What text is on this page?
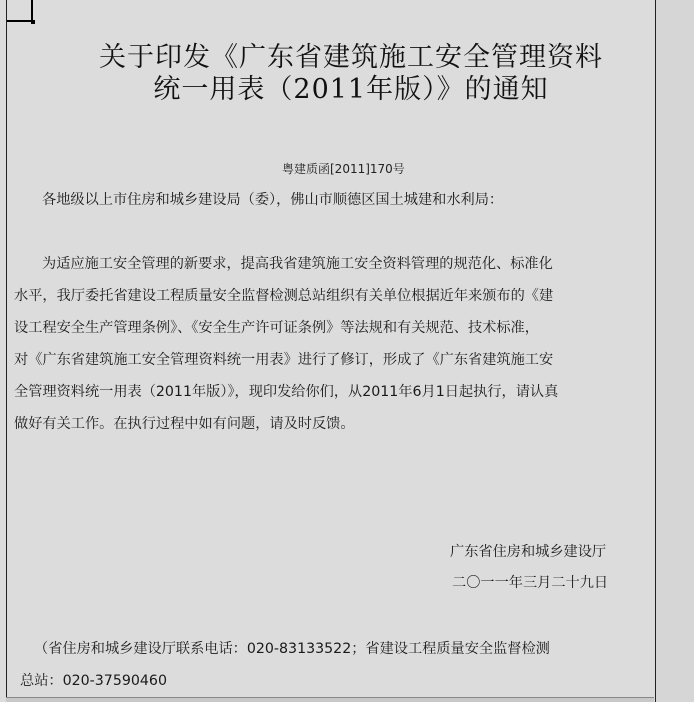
关于印发《广东省建筑施工安全管理资料
统一用表（2011年版）》的通知
粤建质函[2011]170号
各地级以上市住房和城乡建设局（委），佛山市顺德区国土城建和水利局：
为适应施工安全管理的新要求，提高我省建筑施工安全资料管理的规范化、标准化
水平，我厅委托省建设工程质量安全监督检测总站组织有关单位根据近年来颁布的《建
设工程安全生产管理条例》、《安全生产许可证条例》等法规和有关规范、技术标准，
对《广东省建筑施工安全管理资料统一用表》进行了修订，形成了《广东省建筑施工安
全管理资料统一用表（2011年版）》，现印发给你们，从2011年6月1日起执行，请认真
做好有关工作。在执行过程中如有问题，请及时反馈。
广东省住房和城乡建设厅
二〇一一年三月二十九日
（省住房和城乡建设厅联系电话：020-83133522；省建设工程质量安全监督检测
总站：020-37590460
